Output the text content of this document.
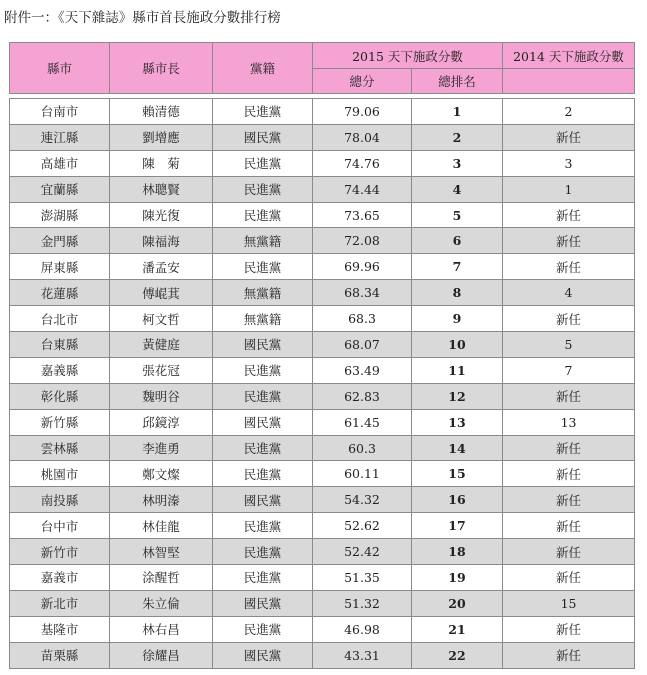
附件一：《天下雜誌》縣市首長施政分數排行榜
縣市	縣市長	黨籍	2015 天下施政分數		2014 天下施政分數
			總分	總排名	

台南市	賴清德	民進黨	79.06	1	2
連江縣	劉增應	國民黨	78.04	2	新任
高雄市	陳　菊	民進黨	74.76	3	3
宜蘭縣	林聰賢	民進黨	74.44	4	1
澎湖縣	陳光復	民進黨	73.65	5	新任
金門縣	陳福海	無黨籍	72.08	6	新任
屏東縣	潘孟安	民進黨	69.96	7	新任
花蓮縣	傅崐萁	無黨籍	68.34	8	4
台北市	柯文哲	無黨籍	68.3	9	新任
台東縣	黃健庭	國民黨	68.07	10	5
嘉義縣	張花冠	民進黨	63.49	11	7
彰化縣	魏明谷	民進黨	62.83	12	新任
新竹縣	邱鏡淳	國民黨	61.45	13	13
雲林縣	李進勇	民進黨	60.3	14	新任
桃園市	鄭文燦	民進黨	60.11	15	新任
南投縣	林明溱	國民黨	54.32	16	新任
台中市	林佳龍	民進黨	52.62	17	新任
新竹市	林智堅	民進黨	52.42	18	新任
嘉義市	涂醒哲	民進黨	51.35	19	新任
新北市	朱立倫	國民黨	51.32	20	15
基隆市	林右昌	民進黨	46.98	21	新任
苗栗縣	徐耀昌	國民黨	43.31	22	新任
